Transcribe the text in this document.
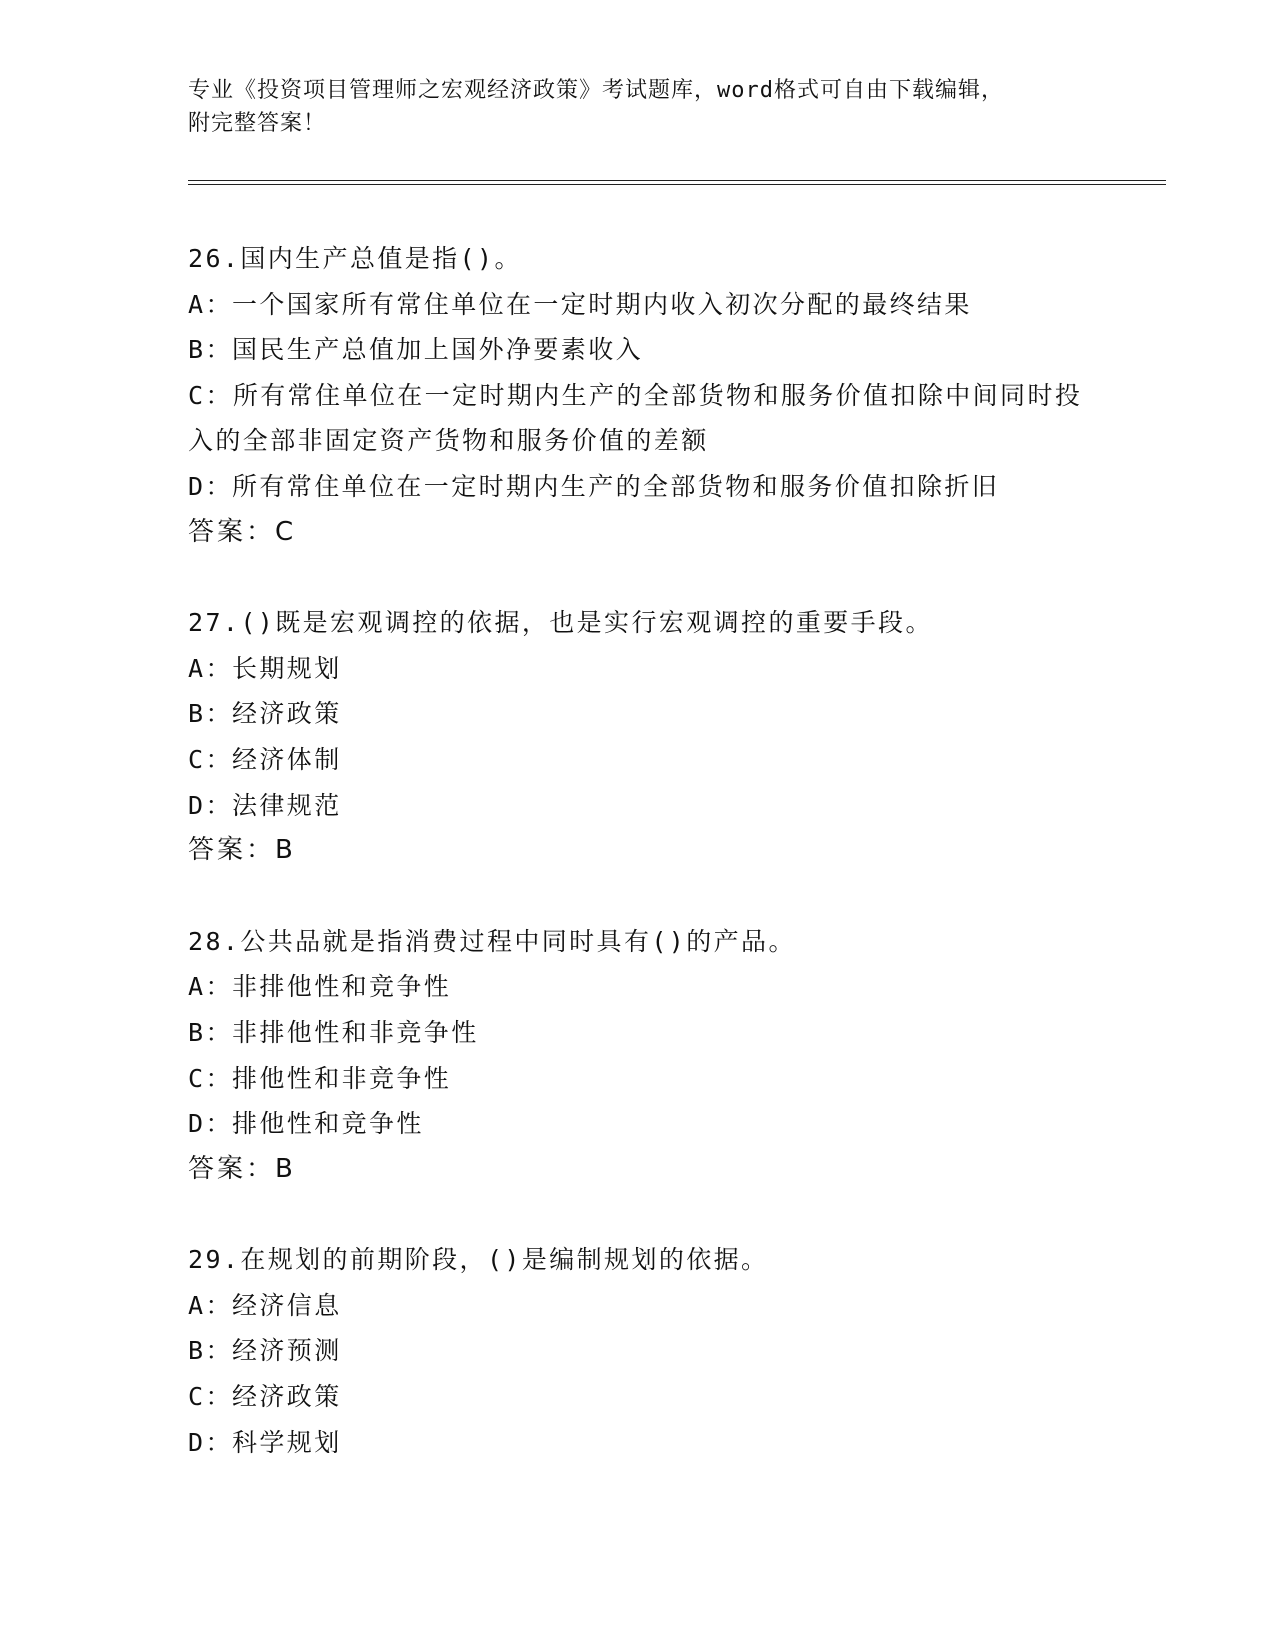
专业《投资项目管理师之宏观经济政策》考试题库，word格式可自由下载编辑，
附完整答案！
26.国内生产总值是指()。
A： 一个国家所有常住单位在一定时期内收入初次分配的最终结果
B： 国民生产总值加上国外净要素收入
C：所有常住单位在一定时期内生产的全部货物和服务价值扣除中间同时投入的全部非固定资产货物和服务价值的差额
D： 所有常住单位在一定时期内生产的全部货物和服务价值扣除折旧
答案：C
27.()既是宏观调控的依据，也是实行宏观调控的重要手段。
A： 长期规划
B： 经济政策
C： 经济体制
D： 法律规范
答案：B
28.公共品就是指消费过程中同时具有()的产品。
A： 非排他性和竞争性
B： 非排他性和非竞争性
C： 排他性和非竞争性
D： 排他性和竞争性
答案：B
29.在规划的前期阶段，()是编制规划的依据。
A： 经济信息
B： 经济预测
C： 经济政策
D： 科学规划
